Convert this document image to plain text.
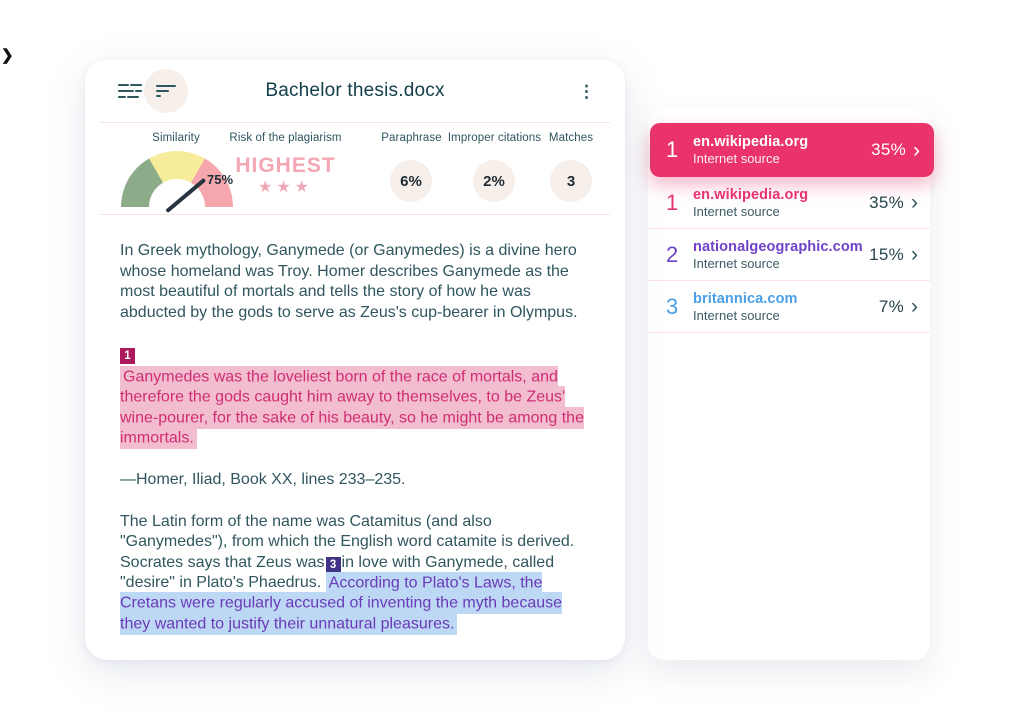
❯
Bachelor thesis.docx	⋮
Similarity	Risk of the plagiarism	Paraphrase Improper citations Matches
75%
HIGHEST
★★★	6%	2%	3

In Greek mythology, Ganymede (or Ganymedes) is a divine hero whose homeland was Troy. Homer describes Ganymede as the most beautiful of mortals and tells the story of how he was abducted by the gods to serve as Zeus's cup-bearer in Olympus.

1
Ganymedes was the loveliest born of the race of mortals, and therefore the gods caught him away to themselves, to be Zeus' wine-pourer, for the sake of his beauty, so he might be among the immortals.

—Homer, Iliad, Book XX, lines 233–235.

The Latin form of the name was Catamitus (and also "Ganymedes"), from which the English word catamite is derived. Socrates says that Zeus was 3 in love with Ganymede, called "desire" in Plato's Phaedrus. According to Plato's Laws, the Cretans were regularly accused of inventing the myth because they wanted to justify their unnatural pleasures.

1	en.wikipedia.org
Internet source	35% ›
1	en.wikipedia.org
Internet source	35% ›
2	nationalgeographic.com
Internet source	15% ›
3	britannica.com
Internet source	7% ›
